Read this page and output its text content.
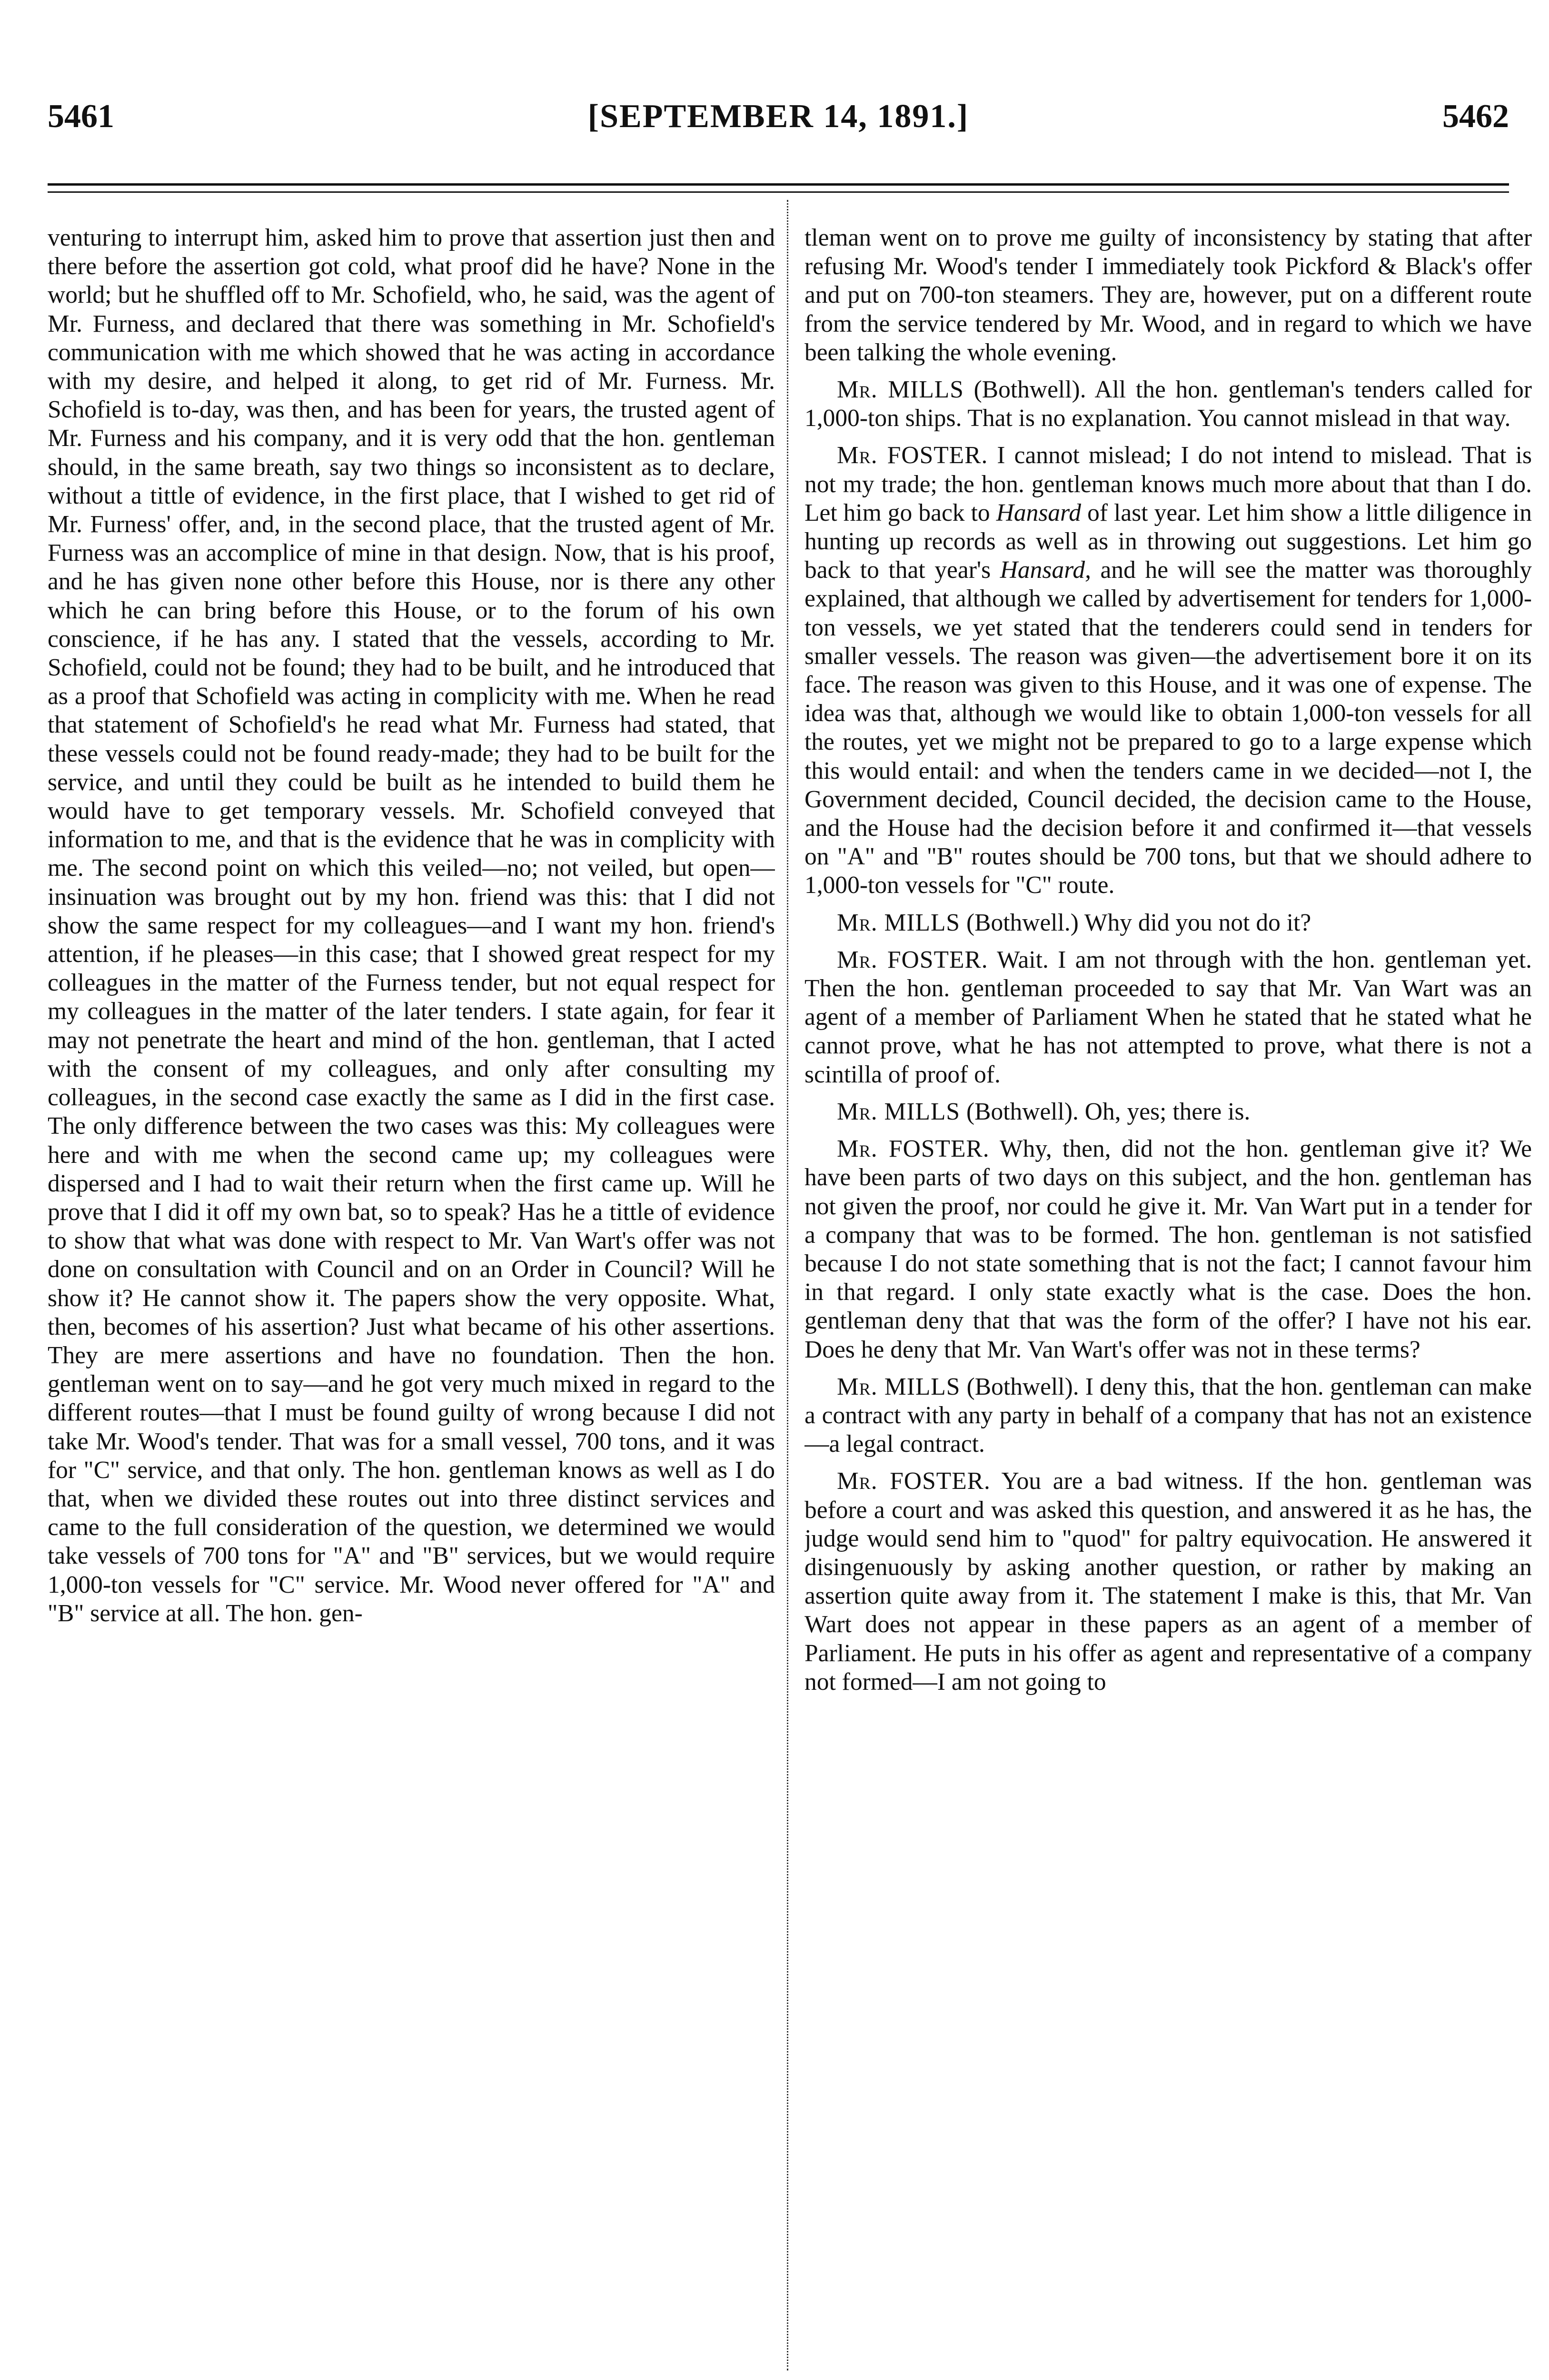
5461	[SEPTEMBER 14, 1891.]	5462

venturing to interrupt him, asked him to prove that assertion just then and there before the assertion got cold, what proof did he have? None in the world; but he shuffled off to Mr. Schofield, who, he said, was the agent of Mr. Furness, and declared that there was something in Mr. Schofield's communication with me which showed that he was acting in accordance with my desire, and helped it along, to get rid of Mr. Furness. Mr. Schofield is to-day, was then, and has been for years, the trusted agent of Mr. Furness and his company, and it is very odd that the hon. gentleman should, in the same breath, say two things so inconsistent as to declare, without a tittle of evidence, in the first place, that I wished to get rid of Mr. Furness' offer, and, in the second place, that the trusted agent of Mr. Furness was an accomplice of mine in that design. Now, that is his proof, and he has given none other before this House, nor is there any other which he can bring before this House, or to the forum of his own conscience, if he has any. I stated that the vessels, according to Mr. Schofield, could not be found; they had to be built, and he introduced that as a proof that Schofield was acting in complicity with me. When he read that statement of Schofield's he read what Mr. Furness had stated, that these vessels could not be found ready-made; they had to be built for the service, and until they could be built as he intended to build them he would have to get temporary vessels. Mr. Schofield conveyed that information to me, and that is the evidence that he was in complicity with me. The second point on which this veiled—no; not veiled, but open—insinuation was brought out by my hon. friend was this: that I did not show the same respect for my colleagues—and I want my hon. friend's attention, if he pleases—in this case; that I showed great respect for my colleagues in the matter of the Furness tender, but not equal respect for my colleagues in the matter of the later tenders. I state again, for fear it may not penetrate the heart and mind of the hon. gentleman, that I acted with the consent of my colleagues, and only after consulting my colleagues, in the second case exactly the same as I did in the first case. The only difference between the two cases was this: My colleagues were here and with me when the second came up; my colleagues were dispersed and I had to wait their return when the first came up. Will he prove that I did it off my own bat, so to speak? Has he a tittle of evidence to show that what was done with respect to Mr. Van Wart's offer was not done on consultation with Council and on an Order in Council? Will he show it? He cannot show it. The papers show the very opposite. What, then, becomes of his assertion? Just what became of his other assertions. They are mere assertions and have no foundation. Then the hon. gentleman went on to say—and he got very much mixed in regard to the different routes—that I must be found guilty of wrong because I did not take Mr. Wood's tender. That was for a small vessel, 700 tons, and it was for "C" service, and that only. The hon. gentleman knows as well as I do that, when we divided these routes out into three distinct services and came to the full consideration of the question, we determined we would take vessels of 700 tons for "A" and "B" services, but we would require 1,000-ton vessels for "C" service. Mr. Wood never offered for "A" and "B" service at all. The hon. gen-

tleman went on to prove me guilty of inconsistency by stating that after refusing Mr. Wood's tender I immediately took Pickford & Black's offer and put on 700-ton steamers. They are, however, put on a different route from the service tendered by Mr. Wood, and in regard to which we have been talking the whole evening.

Mr. MILLS (Bothwell). All the hon. gentleman's tenders called for 1,000-ton ships. That is no explanation. You cannot mislead in that way.

Mr. FOSTER. I cannot mislead; I do not intend to mislead. That is not my trade; the hon. gentleman knows much more about that than I do. Let him go back to Hansard of last year. Let him show a little diligence in hunting up records as well as in throwing out suggestions. Let him go back to that year's Hansard, and he will see the matter was thoroughly explained, that although we called by advertisement for tenders for 1,000-ton vessels, we yet stated that the tenderers could send in tenders for smaller vessels. The reason was given—the advertisement bore it on its face. The reason was given to this House, and it was one of expense. The idea was that, although we would like to obtain 1,000-ton vessels for all the routes, yet we might not be prepared to go to a large expense which this would entail: and when the tenders came in we decided—not I, the Government decided, Council decided, the decision came to the House, and the House had the decision before it and confirmed it—that vessels on "A" and "B" routes should be 700 tons, but that we should adhere to 1,000-ton vessels for "C" route.

Mr. MILLS (Bothwell.) Why did you not do it?

Mr. FOSTER. Wait. I am not through with the hon. gentleman yet. Then the hon. gentleman proceeded to say that Mr. Van Wart was an agent of a member of Parliament When he stated that he stated what he cannot prove, what he has not attempted to prove, what there is not a scintilla of proof of.

Mr. MILLS (Bothwell). Oh, yes; there is.

Mr. FOSTER. Why, then, did not the hon. gentleman give it? We have been parts of two days on this subject, and the hon. gentleman has not given the proof, nor could he give it. Mr. Van Wart put in a tender for a company that was to be formed. The hon. gentleman is not satisfied because I do not state something that is not the fact; I cannot favour him in that regard. I only state exactly what is the case. Does the hon. gentleman deny that that was the form of the offer? I have not his ear. Does he deny that Mr. Van Wart's offer was not in these terms?

Mr. MILLS (Bothwell). I deny this, that the hon. gentleman can make a contract with any party in behalf of a company that has not an existence—a legal contract.

Mr. FOSTER. You are a bad witness. If the hon. gentleman was before a court and was asked this question, and answered it as he has, the judge would send him to "quod" for paltry equivocation. He answered it disingenuously by asking another question, or rather by making an assertion quite away from it. The statement I make is this, that Mr. Van Wart does not appear in these papers as an agent of a member of Parliament. He puts in his offer as agent and representative of a company not formed—I am not going to
